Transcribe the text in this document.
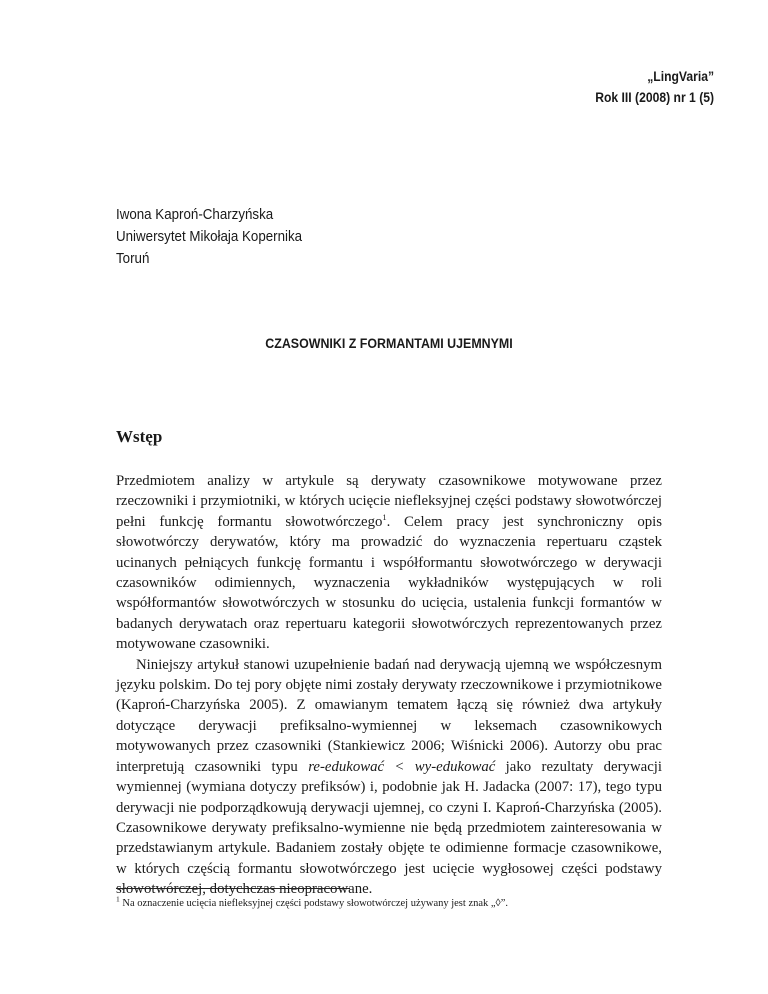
„LingVaria”
Rok III (2008) nr 1 (5)
Iwona Kaproń-Charzyńska
Uniwersytet Mikołaja Kopernika
Toruń
CZASOWNIKI Z FORMANTAMI UJEMNYMI
Wstęp

Przedmiotem analizy w artykule są derywaty czasownikowe motywowane przez rzeczowniki i przymiotniki, w których ucięcie niefleksyjnej części podstawy słowotwórczej pełni funkcję formantu słowotwórczego$^1$. Celem pracy jest synchroniczny opis słowotwórczy derywatów, który ma prowadzić do wyznaczenia repertuaru cząstek ucinanych pełniących funkcję formantu i współformantu słowotwórczego w derywacji czasowników odimiennych, wyznaczenia wykładników występujących w roli współformantów słowotwórczych w stosunku do ucięcia, ustalenia funkcji formantów w badanych derywatach oraz repertuaru kategorii słowotwórczych reprezentowanych przez motywowane czasowniki.

Niniejszy artykuł stanowi uzupełnienie badań nad derywacją ujemną we współczesnym języku polskim. Do tej pory objęte nimi zostały derywaty rzeczownikowe i przymiotnikowe (Kaproń-Charzyńska 2005). Z omawianym tematem łączą się również dwa artykuły dotyczące derywacji prefiksalno-wymiennej w leksemach czasownikowych motywowanych przez czasowniki (Stankiewicz 2006; Wiśnicki 2006). Autorzy obu prac interpretują czasowniki typu re-edukować < wy-edukować jako rezultaty derywacji wymiennej (wymiana dotyczy prefiksów) i, podobnie jak H. Jadacka (2007: 17), tego typu derywacji nie podporządkowują derywacji ujemnej, co czyni I. Kaproń-Charzyńska (2005). Czasownikowe derywaty prefiksalno-wymienne nie będą przedmiotem zainteresowania w przedstawianym artykule. Badaniem zostały objęte te odimienne formacje czasownikowe, w których częścią formantu słowotwórczego jest ucięcie wygłosowej części podstawy słowotwórczej, dotychczas nieopracowane.

$^1$ Na oznaczenie ucięcia niefleksyjnej części podstawy słowotwórczej używany jest znak „◊”.
